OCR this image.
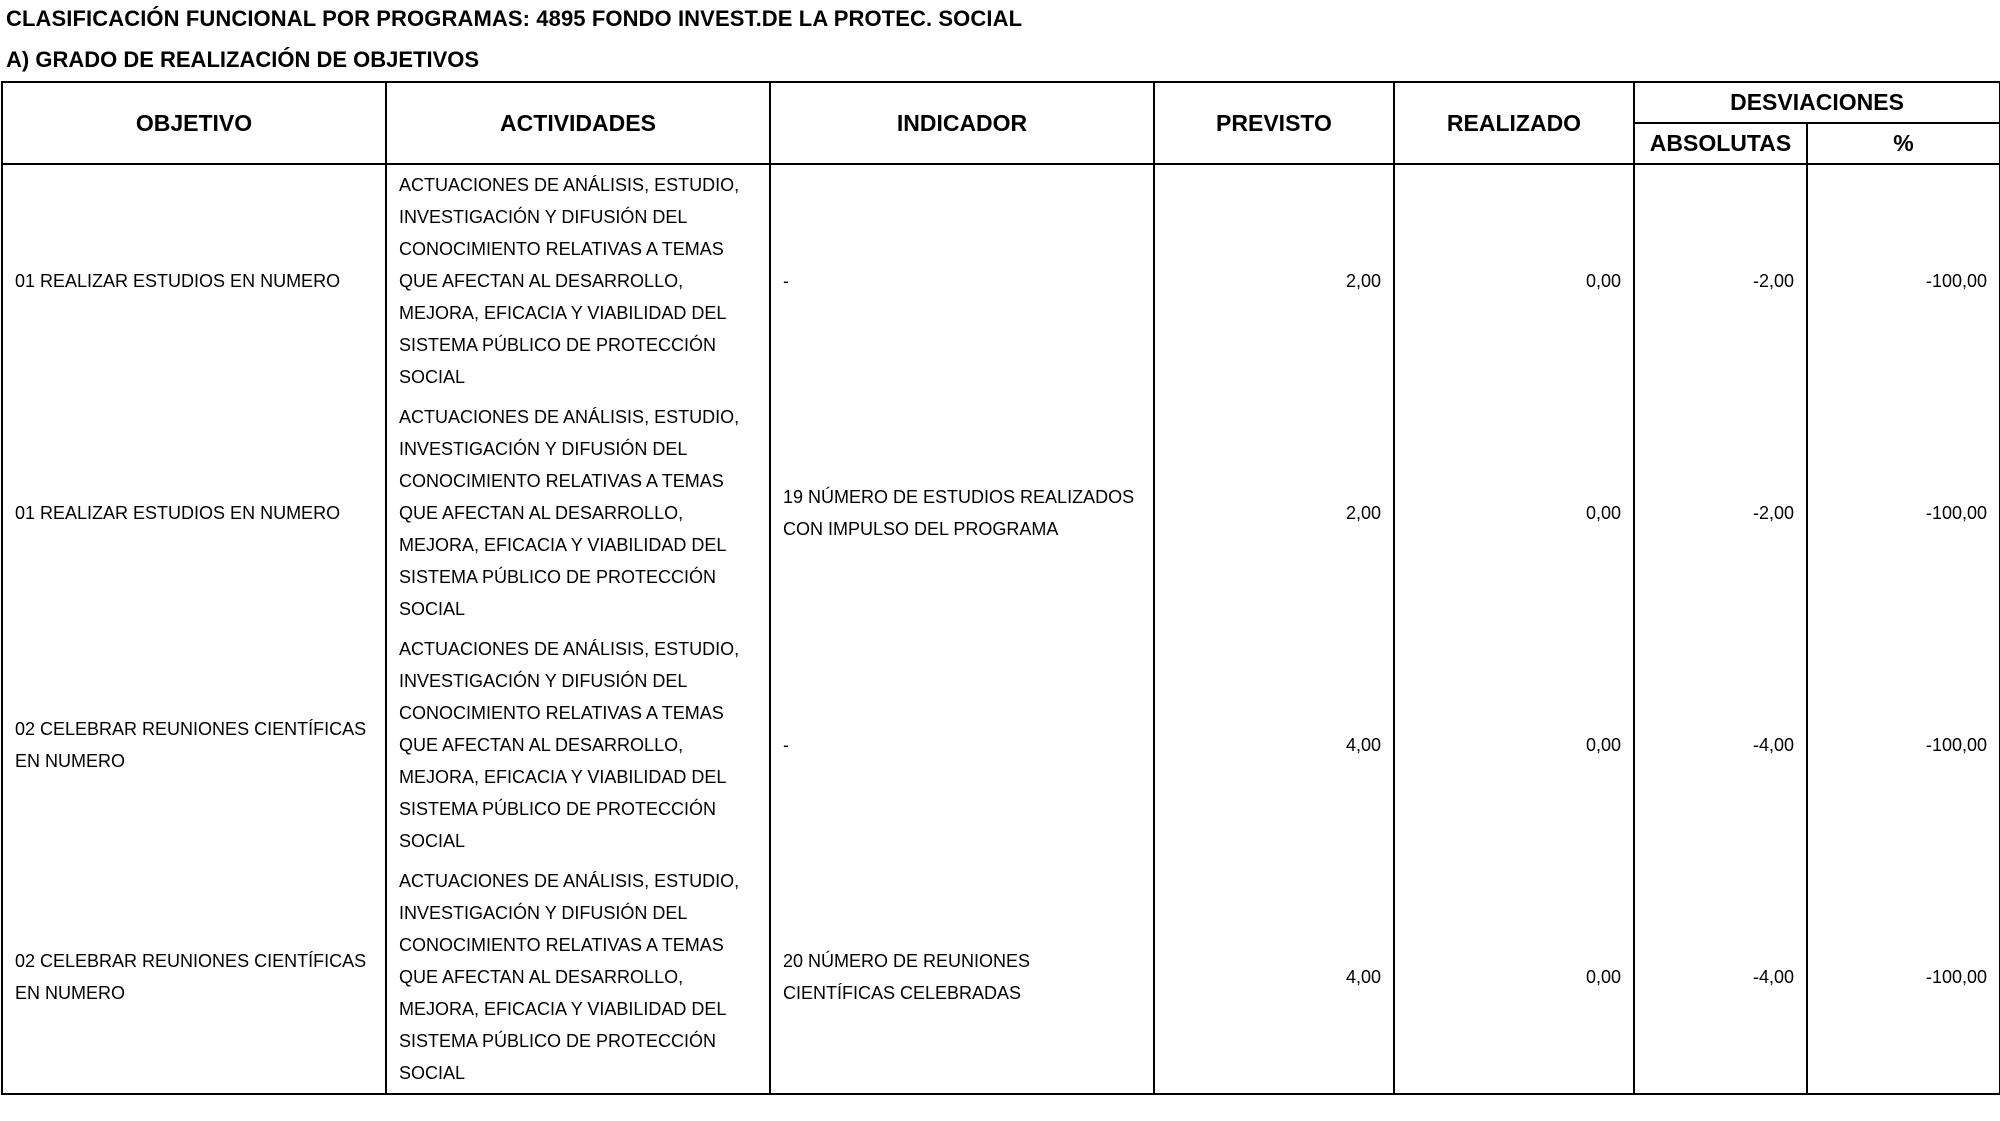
CLASIFICACIÓN FUNCIONAL POR PROGRAMAS: 4895 FONDO INVEST.DE LA PROTEC. SOCIAL
A) GRADO DE REALIZACIÓN DE OBJETIVOS
OBJETIVO	ACTIVIDADES	INDICADOR	PREVISTO	REALIZADO	DESVIACIONES	
					ABSOLUTAS	%
01 REALIZAR ESTUDIOS EN NUMERO	ACTUACIONES DE ANÁLISIS, ESTUDIO, INVESTIGACIÓN Y DIFUSIÓN DEL CONOCIMIENTO RELATIVAS A TEMAS QUE AFECTAN AL DESARROLLO, MEJORA, EFICACIA Y VIABILIDAD DEL SISTEMA PÚBLICO DE PROTECCIÓN SOCIAL	-	2,00	0,00	-2,00	-100,00
01 REALIZAR ESTUDIOS EN NUMERO	ACTUACIONES DE ANÁLISIS, ESTUDIO, INVESTIGACIÓN Y DIFUSIÓN DEL CONOCIMIENTO RELATIVAS A TEMAS QUE AFECTAN AL DESARROLLO, MEJORA, EFICACIA Y VIABILIDAD DEL SISTEMA PÚBLICO DE PROTECCIÓN SOCIAL	19 NÚMERO DE ESTUDIOS REALIZADOS CON IMPULSO DEL PROGRAMA	2,00	0,00	-2,00	-100,00
02 CELEBRAR REUNIONES CIENTÍFICAS EN NUMERO	ACTUACIONES DE ANÁLISIS, ESTUDIO, INVESTIGACIÓN Y DIFUSIÓN DEL CONOCIMIENTO RELATIVAS A TEMAS QUE AFECTAN AL DESARROLLO, MEJORA, EFICACIA Y VIABILIDAD DEL SISTEMA PÚBLICO DE PROTECCIÓN SOCIAL	-	4,00	0,00	-4,00	-100,00
02 CELEBRAR REUNIONES CIENTÍFICAS EN NUMERO	ACTUACIONES DE ANÁLISIS, ESTUDIO, INVESTIGACIÓN Y DIFUSIÓN DEL CONOCIMIENTO RELATIVAS A TEMAS QUE AFECTAN AL DESARROLLO, MEJORA, EFICACIA Y VIABILIDAD DEL SISTEMA PÚBLICO DE PROTECCIÓN SOCIAL	20 NÚMERO DE REUNIONES CIENTÍFICAS CELEBRADAS	4,00	0,00	-4,00	-100,00
